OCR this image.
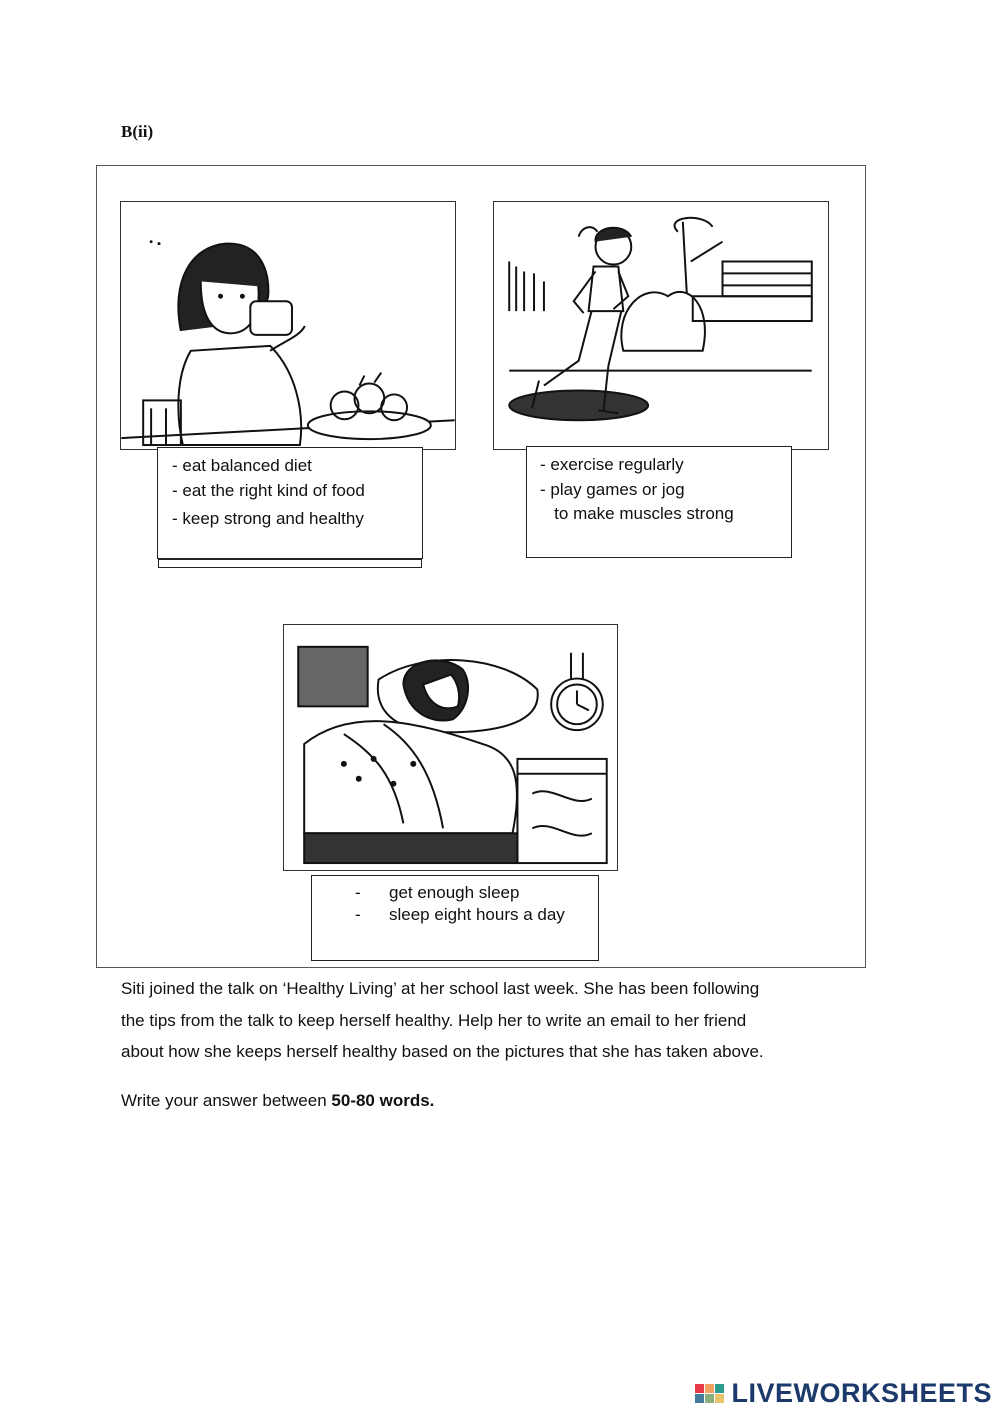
B(ii)
- eat balanced diet
- eat the right kind of food
- keep strong and healthy
- exercise regularly
- play games or jog
to make muscles strong
-      get enough sleep
-      sleep eight hours a day
Siti joined the talk on ‘Healthy Living’ at her school last week. She has been following
the tips from the talk to keep herself healthy. Help her to write an email to her friend
about how she keeps herself healthy based on the pictures that she has taken above.
Write your answer between 50-80 words.
LIVEWORKSHEETS
